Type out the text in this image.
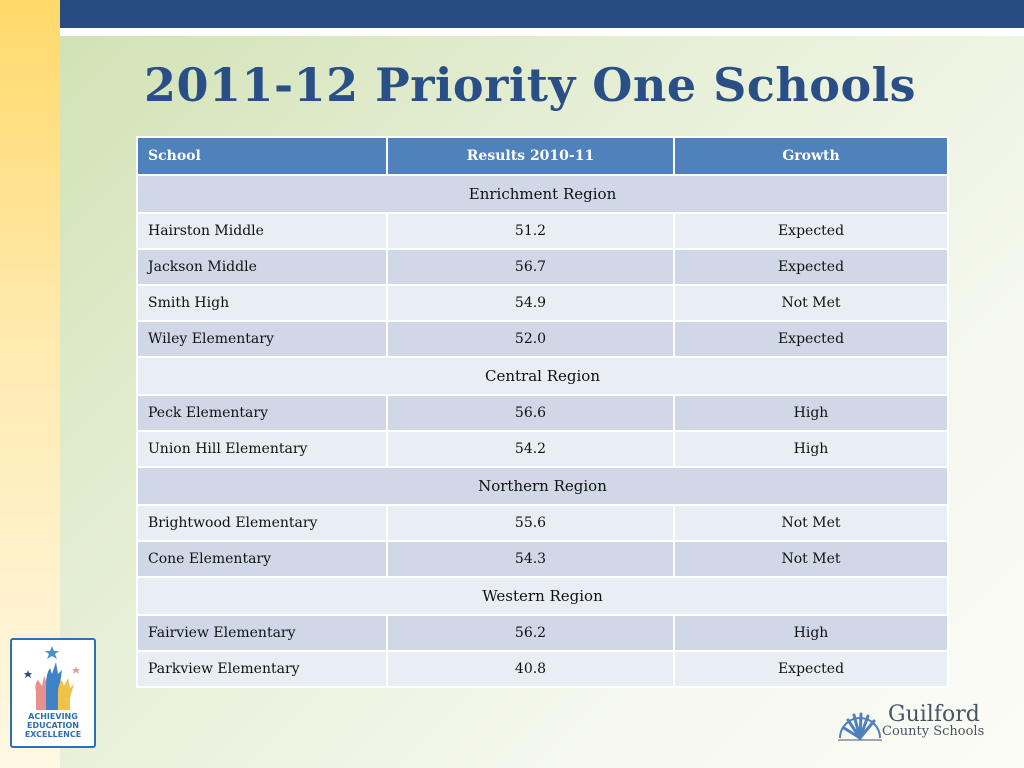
2011-12 Priority One Schools
School	Results 2010-11	Growth
Enrichment Region		
Hairston Middle	51.2	Expected
Jackson Middle	56.7	Expected
Smith High	54.9	Not Met
Wiley Elementary	52.0	Expected
Central Region		
Peck Elementary	56.6	High
Union Hill Elementary	54.2	High
Northern Region		
Brightwood Elementary	55.6	Not Met
Cone Elementary	54.3	Not Met
Western Region		
Fairview Elementary	56.2	High
Parkview Elementary	40.8	Expected
ACHIEVING
EDUCATION
EXCELLENCE
Guilford
County Schools
